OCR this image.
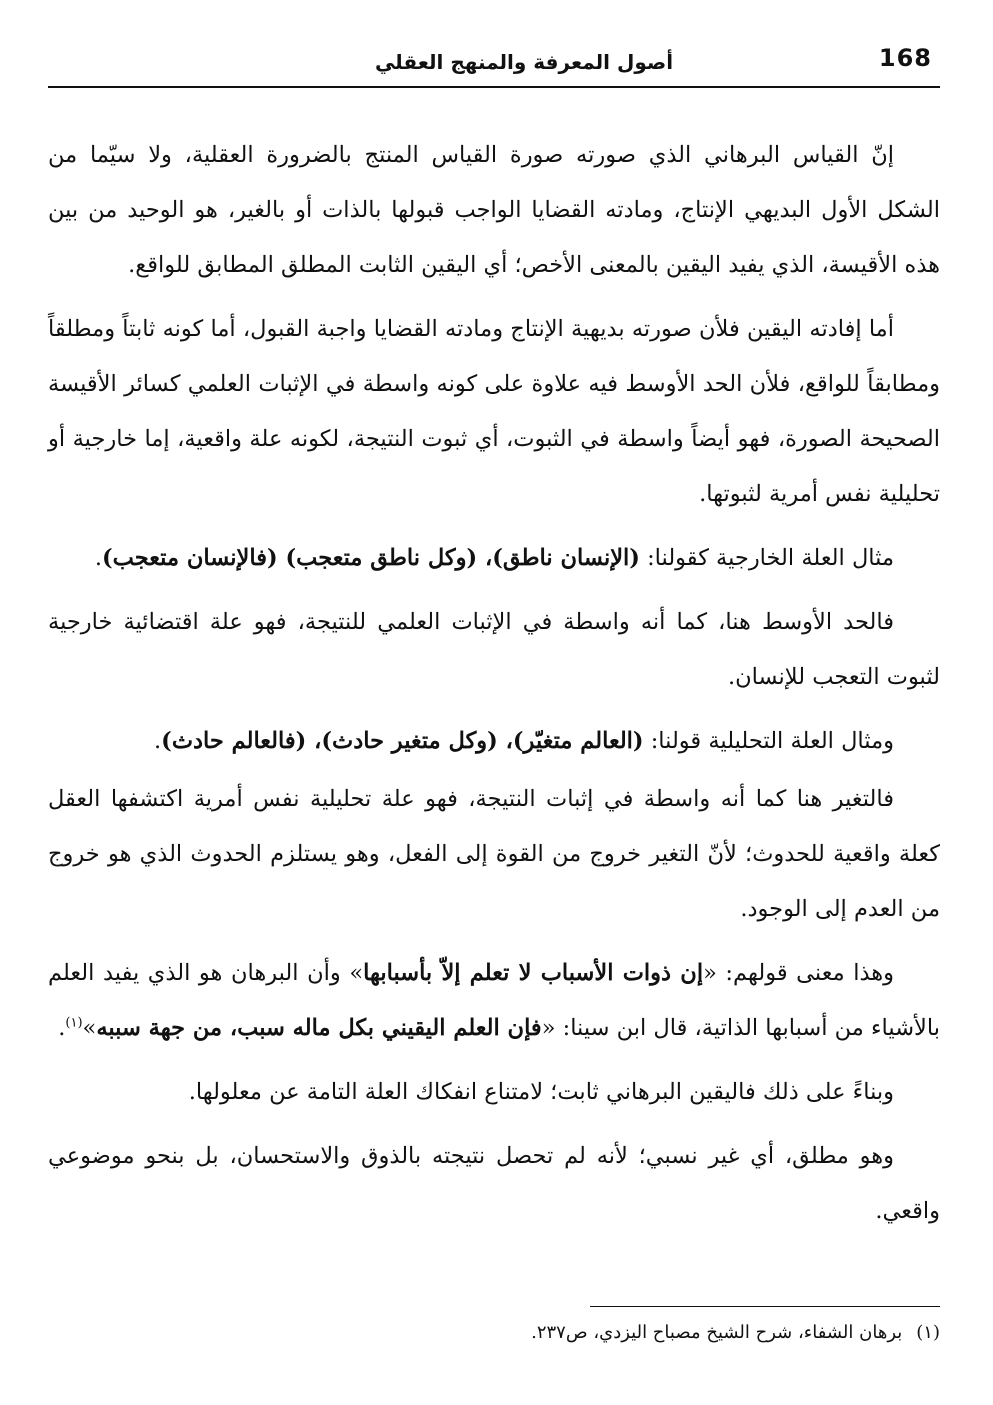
168
أصول المعرفة والمنهج العقلي

إنّ القياس البرهاني الذي صورته صورة القياس المنتج بالضرورة العقلية، ولا سيّما من الشكل الأول البديهي الإنتاج، ومادته القضايا الواجب قبولها بالذات أو بالغير، هو الوحيد من بين هذه الأقيسة، الذي يفيد اليقين بالمعنى الأخص؛ أي اليقين الثابت المطلق المطابق للواقع.

أما إفادته اليقين فلأن صورته بديهية الإنتاج ومادته القضايا واجبة القبول، أما كونه ثابتاً ومطلقاً ومطابقاً للواقع، فلأن الحد الأوسط فيه علاوة على كونه واسطة في الإثبات العلمي كسائر الأقيسة الصحيحة الصورة، فهو أيضاً واسطة في الثبوت، أي ثبوت النتيجة، لكونه علة واقعية، إما خارجية أو تحليلية نفس أمرية لثبوتها.

مثال العلة الخارجية كقولنا: (الإنسان ناطق)، (وكل ناطق متعجب) (فالإنسان متعجب).

فالحد الأوسط هنا، كما أنه واسطة في الإثبات العلمي للنتيجة، فهو علة اقتضائية خارجية لثبوت التعجب للإنسان.

ومثال العلة التحليلية قولنا: (العالم متغيّر)، (وكل متغير حادث)، (فالعالم حادث).

فالتغير هنا كما أنه واسطة في إثبات النتيجة، فهو علة تحليلية نفس أمرية اكتشفها العقل كعلة واقعية للحدوث؛ لأنّ التغير خروج من القوة إلى الفعل، وهو يستلزم الحدوث الذي هو خروج من العدم إلى الوجود.

وهذا معنى قولهم: «إن ذوات الأسباب لا تعلم إلاّ بأسبابها» وأن البرهان هو الذي يفيد العلم بالأشياء من أسبابها الذاتية، قال ابن سينا: «فإن العلم اليقيني بكل ماله سبب، من جهة سببه»$^{(١)}$.

وبناءً على ذلك فاليقين البرهاني ثابت؛ لامتناع انفكاك العلة التامة عن معلولها.

وهو مطلق، أي غير نسبي؛ لأنه لم تحصل نتيجته بالذوق والاستحسان، بل بنحو موضوعي واقعي.

(١)برهان الشفاء، شرح الشيخ مصباح اليزدي، ص٢٣٧.
